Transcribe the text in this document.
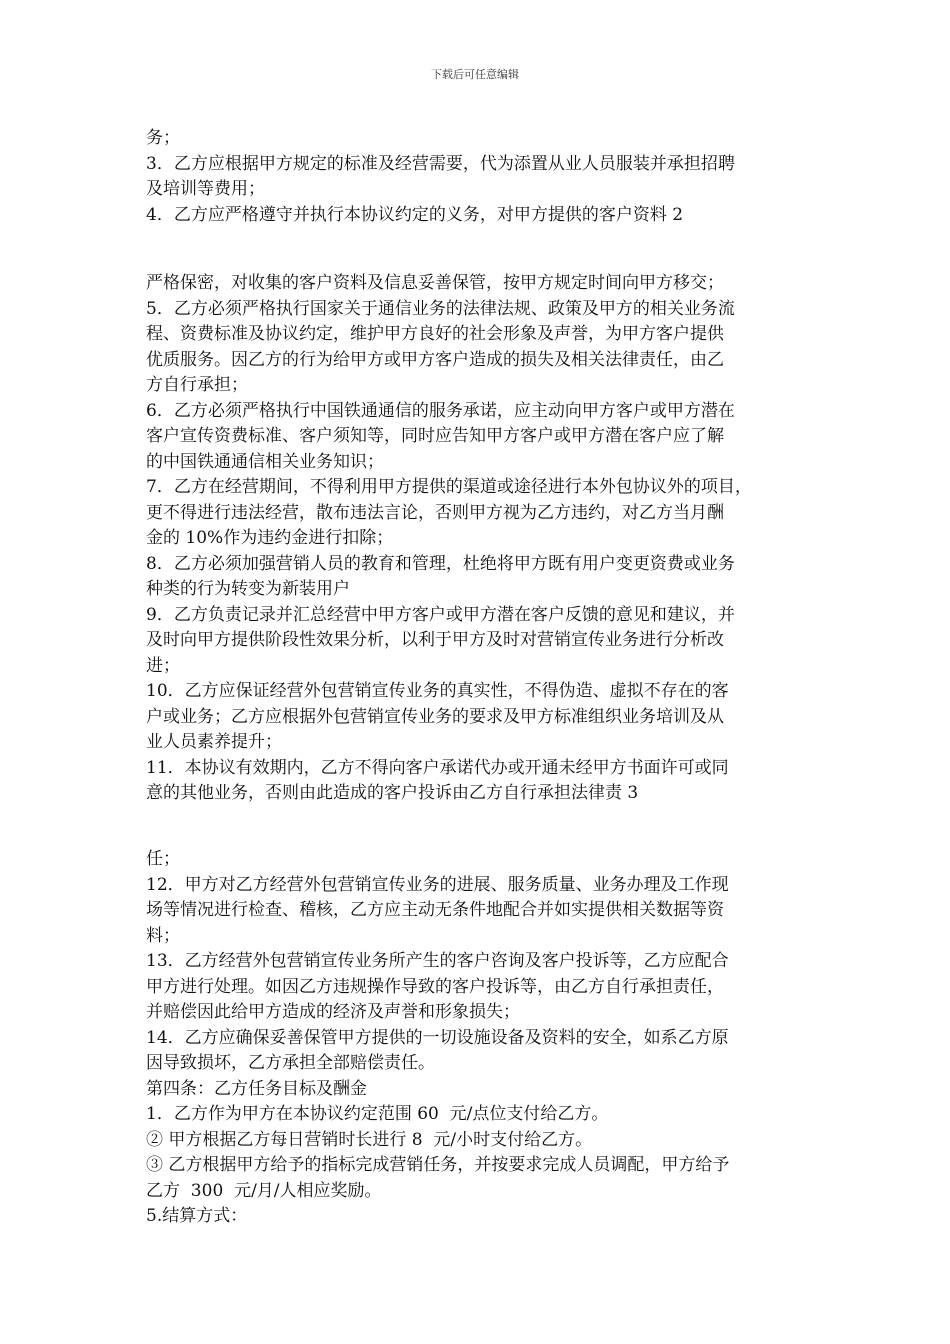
下载后可任意编辑

务；

3．乙方应根据甲方规定的标准及经营需要，代为添置从业人员服装并承担招聘

及培训等费用；

4．乙方应严格遵守并执行本协议约定的义务，对甲方提供的客户资料 2

严格保密，对收集的客户资料及信息妥善保管，按甲方规定时间向甲方移交；

5．乙方必须严格执行国家关于通信业务的法律法规、政策及甲方的相关业务流

程、资费标准及协议约定，维护甲方良好的社会形象及声誉，为甲方客户提供

优质服务。因乙方的行为给甲方或甲方客户造成的损失及相关法律责任，由乙

方自行承担；

6．乙方必须严格执行中国铁通通信的服务承诺，应主动向甲方客户或甲方潜在

客户宣传资费标准、客户须知等，同时应告知甲方客户或甲方潜在客户应了解

的中国铁通通信相关业务知识；

7．乙方在经营期间，不得利用甲方提供的渠道或途径进行本外包协议外的项目，

更不得进行违法经营，散布违法言论，否则甲方视为乙方违约，对乙方当月酬

金的 10%作为违约金进行扣除；

8．乙方必须加强营销人员的教育和管理，杜绝将甲方既有用户变更资费或业务

种类的行为转变为新装用户

9．乙方负责记录并汇总经营中甲方客户或甲方潜在客户反馈的意见和建议，并

及时向甲方提供阶段性效果分析，以利于甲方及时对营销宣传业务进行分析改

进；

10．乙方应保证经营外包营销宣传业务的真实性，不得伪造、虚拟不存在的客

户或业务；乙方应根据外包营销宣传业务的要求及甲方标准组织业务培训及从

业人员素养提升；

11．本协议有效期内，乙方不得向客户承诺代办或开通未经甲方书面许可或同

意的其他业务，否则由此造成的客户投诉由乙方自行承担法律责 3

任；

12．甲方对乙方经营外包营销宣传业务的进展、服务质量、业务办理及工作现

场等情况进行检查、稽核，乙方应主动无条件地配合并如实提供相关数据等资

料；

13．乙方经营外包营销宣传业务所产生的客户咨询及客户投诉等，乙方应配合

甲方进行处理。如因乙方违规操作导致的客户投诉等，由乙方自行承担责任，

并赔偿因此给甲方造成的经济及声誉和形象损失；

14．乙方应确保妥善保管甲方提供的一切设施设备及资料的安全，如系乙方原

因导致损坏，乙方承担全部赔偿责任。

第四条：乙方任务目标及酬金

1．乙方作为甲方在本协议约定范围 60  元/点位支付给乙方。

② 甲方根据乙方每日营销时长进行 8  元/小时支付给乙方。

③ 乙方根据甲方给予的指标完成营销任务，并按要求完成人员调配，甲方给予

乙方  300  元/月/人相应奖励。

5.结算方式：
